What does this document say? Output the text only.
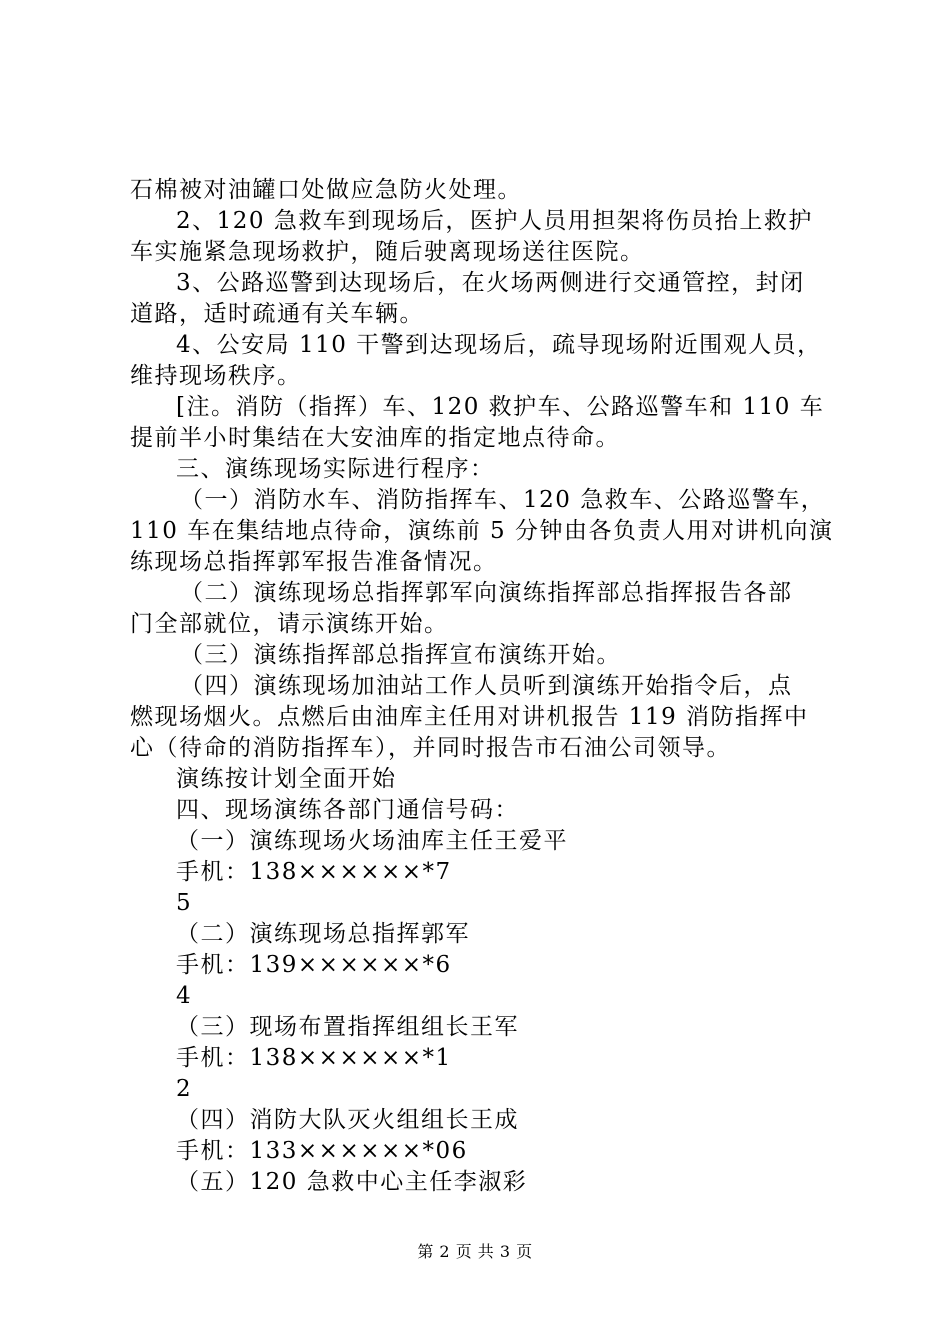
石棉被对油罐口处做应急防火处理。
2、120 急救车到现场后，医护人员用担架将伤员抬上救护
车实施紧急现场救护，随后驶离现场送往医院。
3、公路巡警到达现场后，在火场两侧进行交通管控，封闭
道路，适时疏通有关车辆。
4、公安局 110 干警到达现场后，疏导现场附近围观人员，
维持现场秩序。
[注。消防（指挥）车、120 救护车、公路巡警车和 110 车
提前半小时集结在大安油库的指定地点待命。
三、演练现场实际进行程序：
（一）消防水车、消防指挥车、120 急救车、公路巡警车，
110 车在集结地点待命，演练前 5 分钟由各负责人用对讲机向演
练现场总指挥郭军报告准备情况。
（二）演练现场总指挥郭军向演练指挥部总指挥报告各部
门全部就位，请示演练开始。
（三）演练指挥部总指挥宣布演练开始。
（四）演练现场加油站工作人员听到演练开始指令后，点
燃现场烟火。点燃后由油库主任用对讲机报告 119 消防指挥中
心（待命的消防指挥车），并同时报告市石油公司领导。
演练按计划全面开始
四、现场演练各部门通信号码：
（一）演练现场火场油库主任王爱平
手机：138××××××*7
5
（二）演练现场总指挥郭军
手机：139××××××*6
4
（三）现场布置指挥组组长王军
手机：138××××××*1
2
（四）消防大队灭火组组长王成
手机：133××××××*06
（五）120 急救中心主任李淑彩
第 2 页 共 3 页
